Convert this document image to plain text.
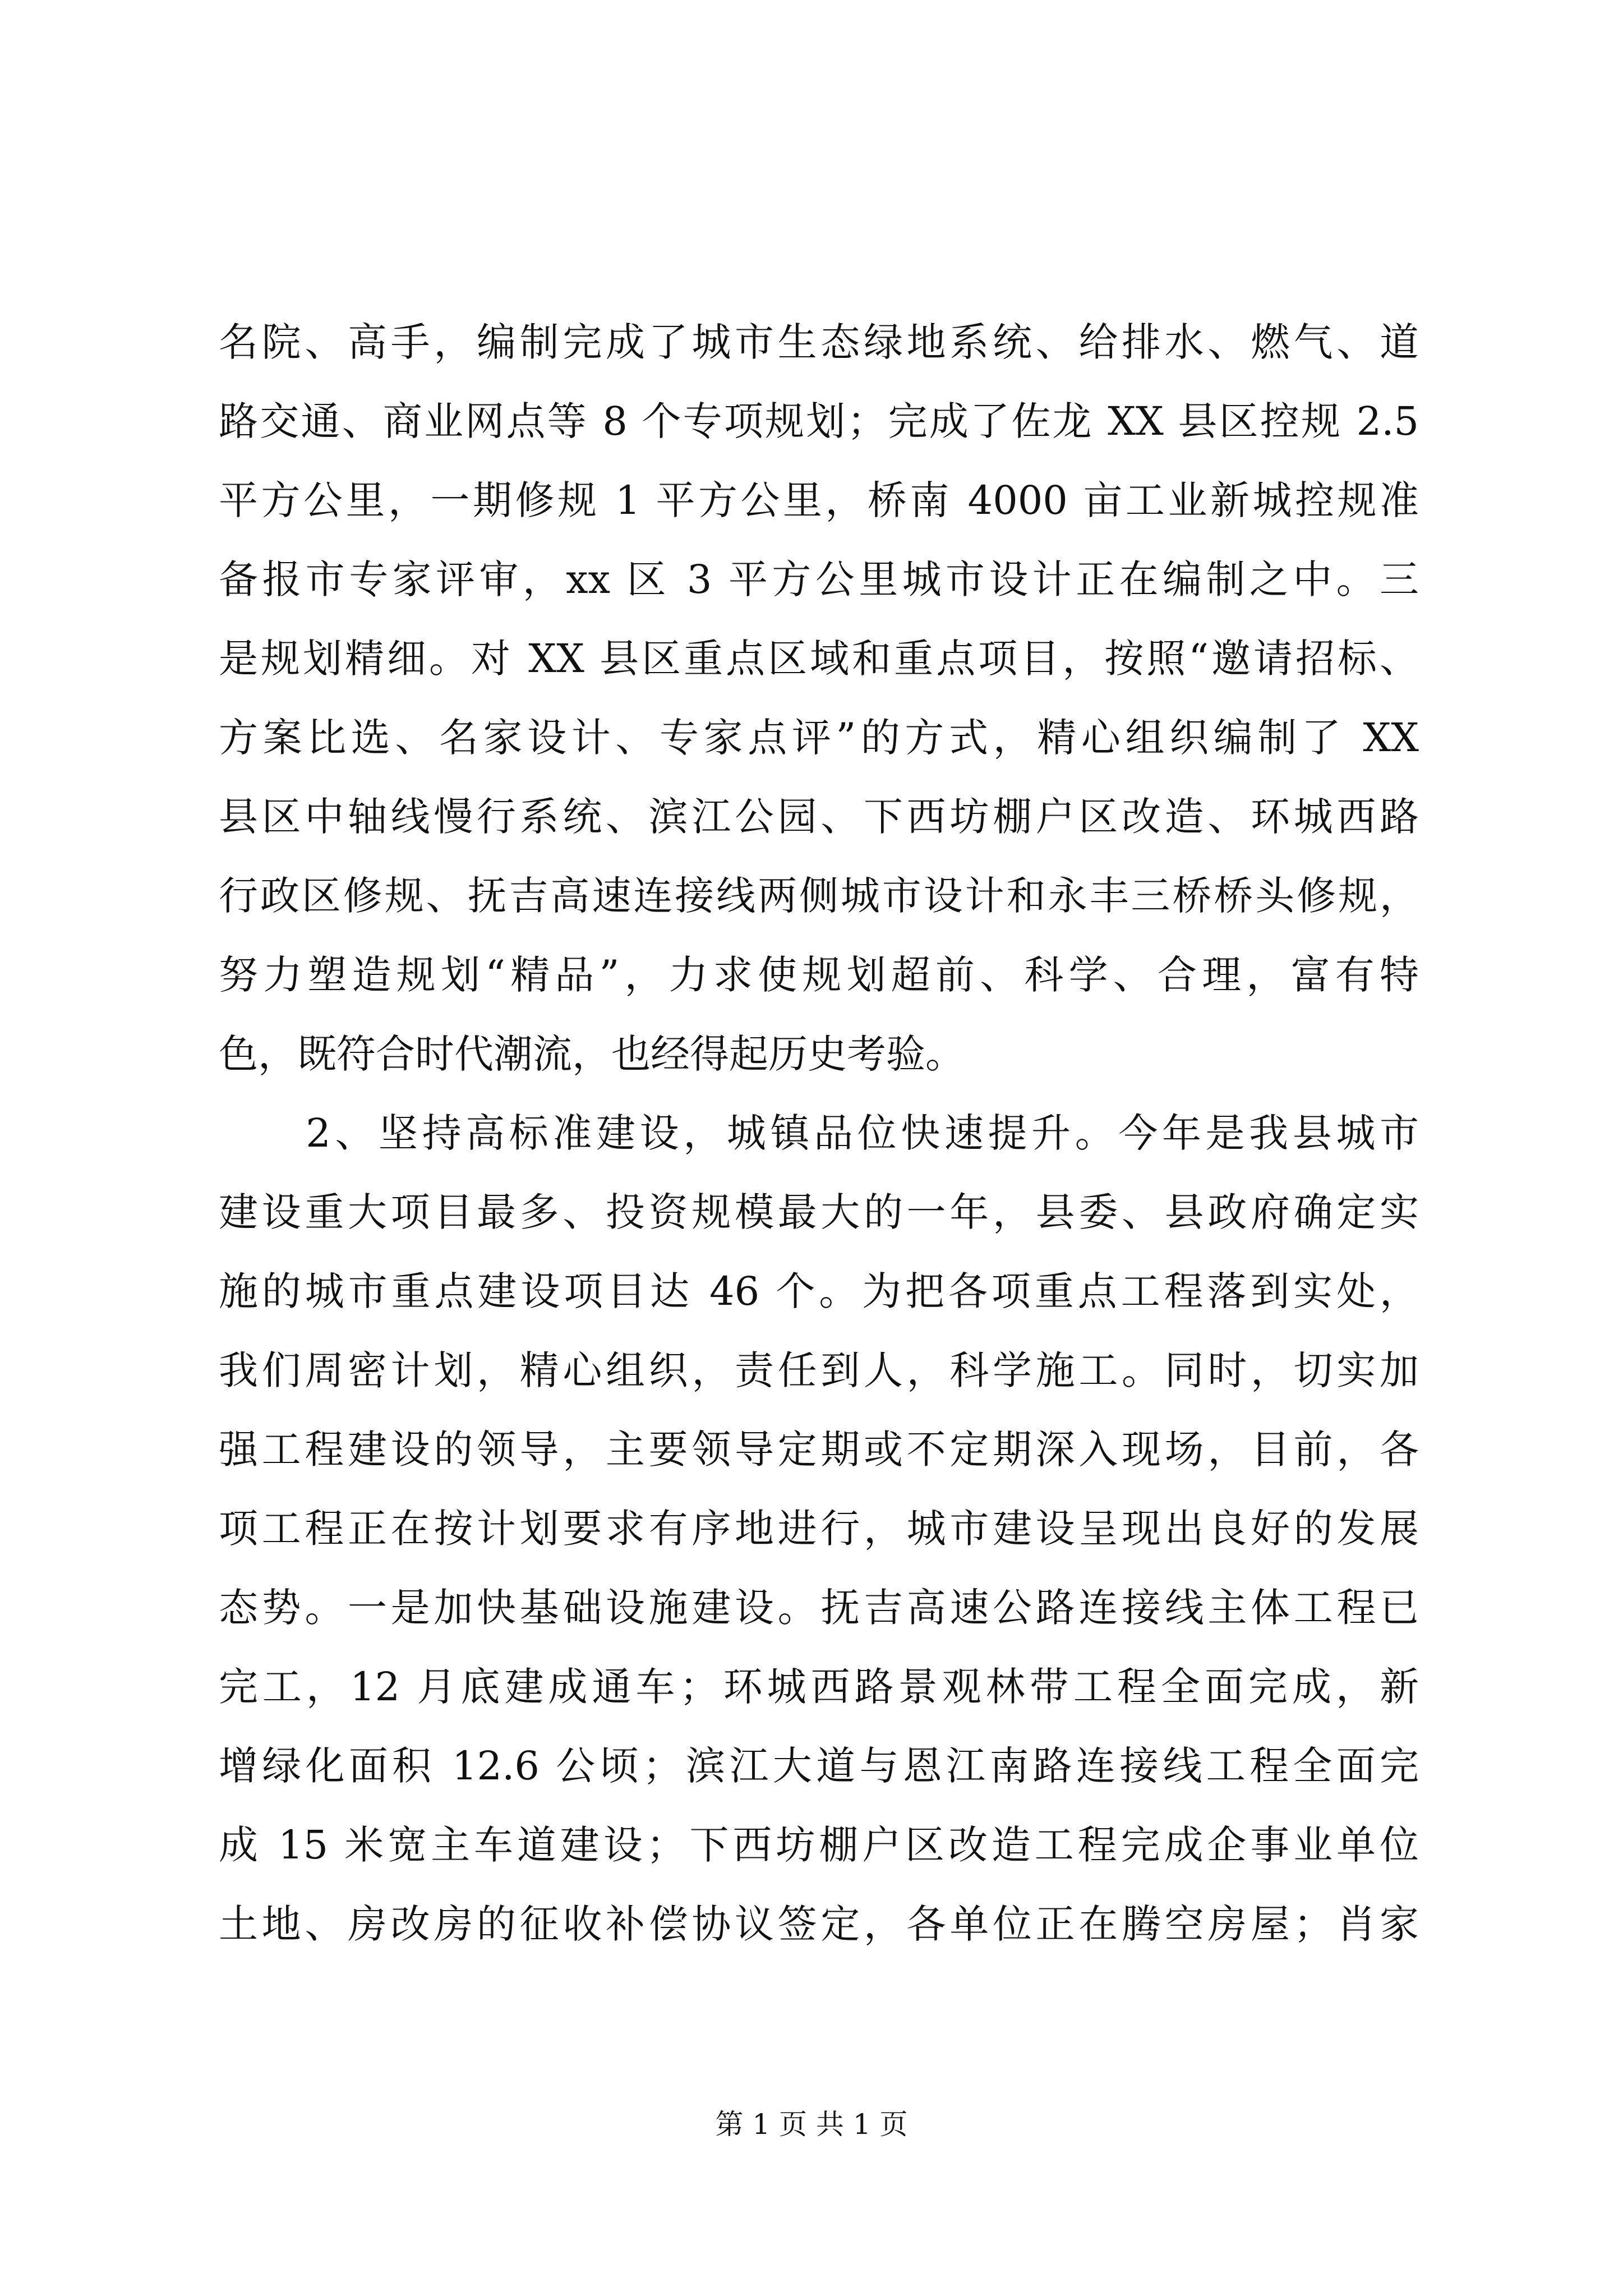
名院、高手，编制完成了城市生态绿地系统、给排水、燃气、道
路交通、商业网点等 8 个专项规划；完成了佐龙 XX 县区控规 2.5
平方公里，一期修规 1 平方公里，桥南 4000 亩工业新城控规准
备报市专家评审，xx 区 3 平方公里城市设计正在编制之中。三
是规划精细。对 XX 县区重点区域和重点项目，按照“邀请招标、
方案比选、名家设计、专家点评”的方式，精心组织编制了 XX
县区中轴线慢行系统、滨江公园、下西坊棚户区改造、环城西路
行政区修规、抚吉高速连接线两侧城市设计和永丰三桥桥头修规，
努力塑造规划“精品”，力求使规划超前、科学、合理，富有特
色，既符合时代潮流，也经得起历史考验。
　　2、坚持高标准建设，城镇品位快速提升。今年是我县城市
建设重大项目最多、投资规模最大的一年，县委、县政府确定实
施的城市重点建设项目达 46 个。为把各项重点工程落到实处，
我们周密计划，精心组织，责任到人，科学施工。同时，切实加
强工程建设的领导，主要领导定期或不定期深入现场，目前，各
项工程正在按计划要求有序地进行，城市建设呈现出良好的发展
态势。一是加快基础设施建设。抚吉高速公路连接线主体工程已
完工，12 月底建成通车；环城西路景观林带工程全面完成，新
增绿化面积 12.6 公顷；滨江大道与恩江南路连接线工程全面完
成 15 米宽主车道建设；下西坊棚户区改造工程完成企事业单位
土地、房改房的征收补偿协议签定，各单位正在腾空房屋；肖家
第 1 页 共 1 页
